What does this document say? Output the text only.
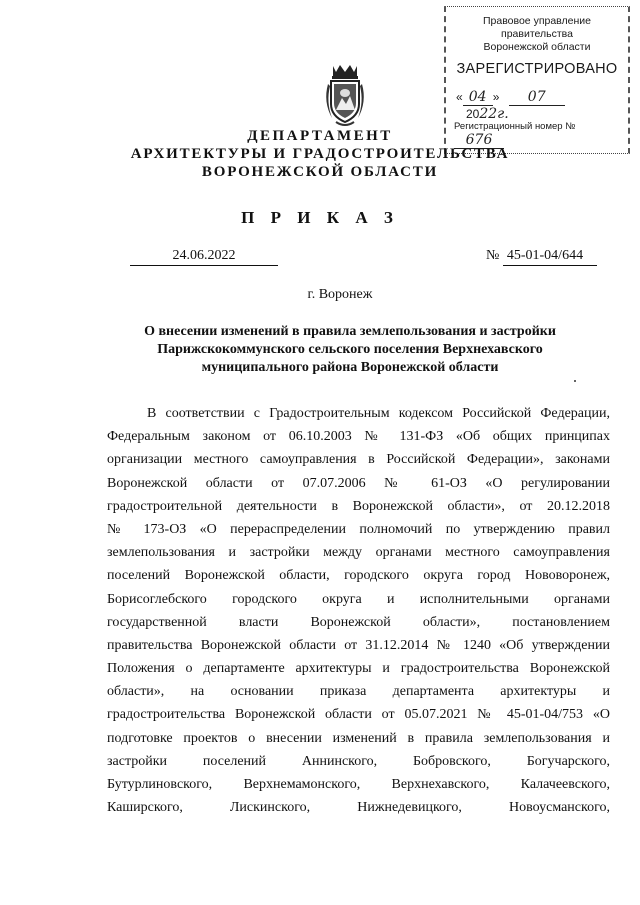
Правовое управление правительства
Воронежской области
ЗАРЕГИСТРИРОВАНО
« 04 » 07 2022г.
Регистрационный номер № 676
ДЕПАРТАМЕНТ
АРХИТЕКТУРЫ И ГРАДОСТРОИТЕЛЬСТВА
ВОРОНЕЖСКОЙ ОБЛАСТИ
П Р И К А З
24.06.2022	№ 45-01-04/644
г. Воронеж
О внесении изменений в правила землепользования и застройки
Парижскокоммунского сельского поселения Верхнехавского
муниципального района Воронежской области
В соответствии с Градостроительным кодексом Российской Федерации,
Федеральным законом от 06.10.2003 № 131-ФЗ «Об общих принципах
организации местного самоуправления в Российской Федерации», законами
Воронежской области от 07.07.2006 № 61-ОЗ «О регулировании
градостроительной деятельности в Воронежской области», от 20.12.2018
№ 173-ОЗ «О перераспределении полномочий по утверждению правил
землепользования и застройки между органами местного самоуправления
поселений Воронежской области, городского округа город Нововоронеж,
Борисоглебского городского округа и исполнительными органами
государственной власти Воронежской области», постановлением
правительства Воронежской области от 31.12.2014 № 1240 «Об утверждении
Положения о департаменте архитектуры и градостроительства Воронежской
области», на основании приказа департамента архитектуры и
градостроительства Воронежской области от 05.07.2021 № 45-01-04/753 «О
подготовке проектов о внесении изменений в правила землепользования и
застройки поселений Аннинского, Бобровского, Богучарского,
Бутурлиновского, Верхнемамонского, Верхнехавского, Калачеевского,
Каширского, Лискинского, Нижнедевицкого, Новоусманского,
